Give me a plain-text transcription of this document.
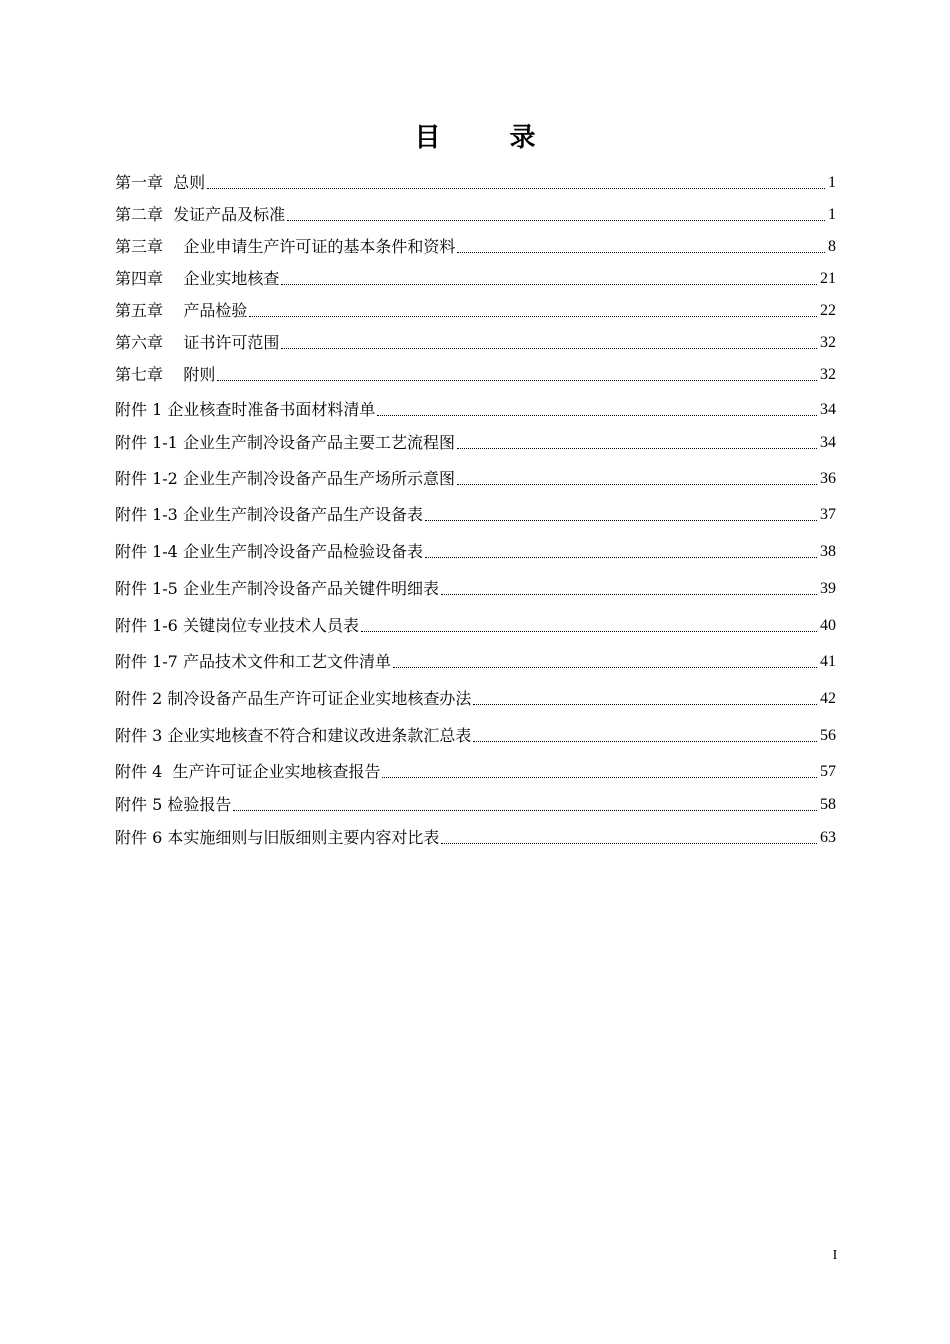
目 录
第一章  总则	1
第二章  发证产品及标准	1
第三章    企业申请生产许可证的基本条件和资料	8
第四章    企业实地核查	21
第五章    产品检验	22
第六章    证书许可范围	32
第七章    附则	32
附件 1 企业核查时准备书面材料清单	34
附件 1-1 企业生产制冷设备产品主要工艺流程图	34
附件 1-2 企业生产制冷设备产品生产场所示意图	36
附件 1-3 企业生产制冷设备产品生产设备表	37
附件 1-4 企业生产制冷设备产品检验设备表	38
附件 1-5 企业生产制冷设备产品关键件明细表	39
附件 1-6 关键岗位专业技术人员表	40
附件 1-7 产品技术文件和工艺文件清单	41
附件 2 制冷设备产品生产许可证企业实地核查办法	42
附件 3 企业实地核查不符合和建议改进条款汇总表	56
附件 4  生产许可证企业实地核查报告	57
附件 5 检验报告	58
附件 6 本实施细则与旧版细则主要内容对比表	63
I
